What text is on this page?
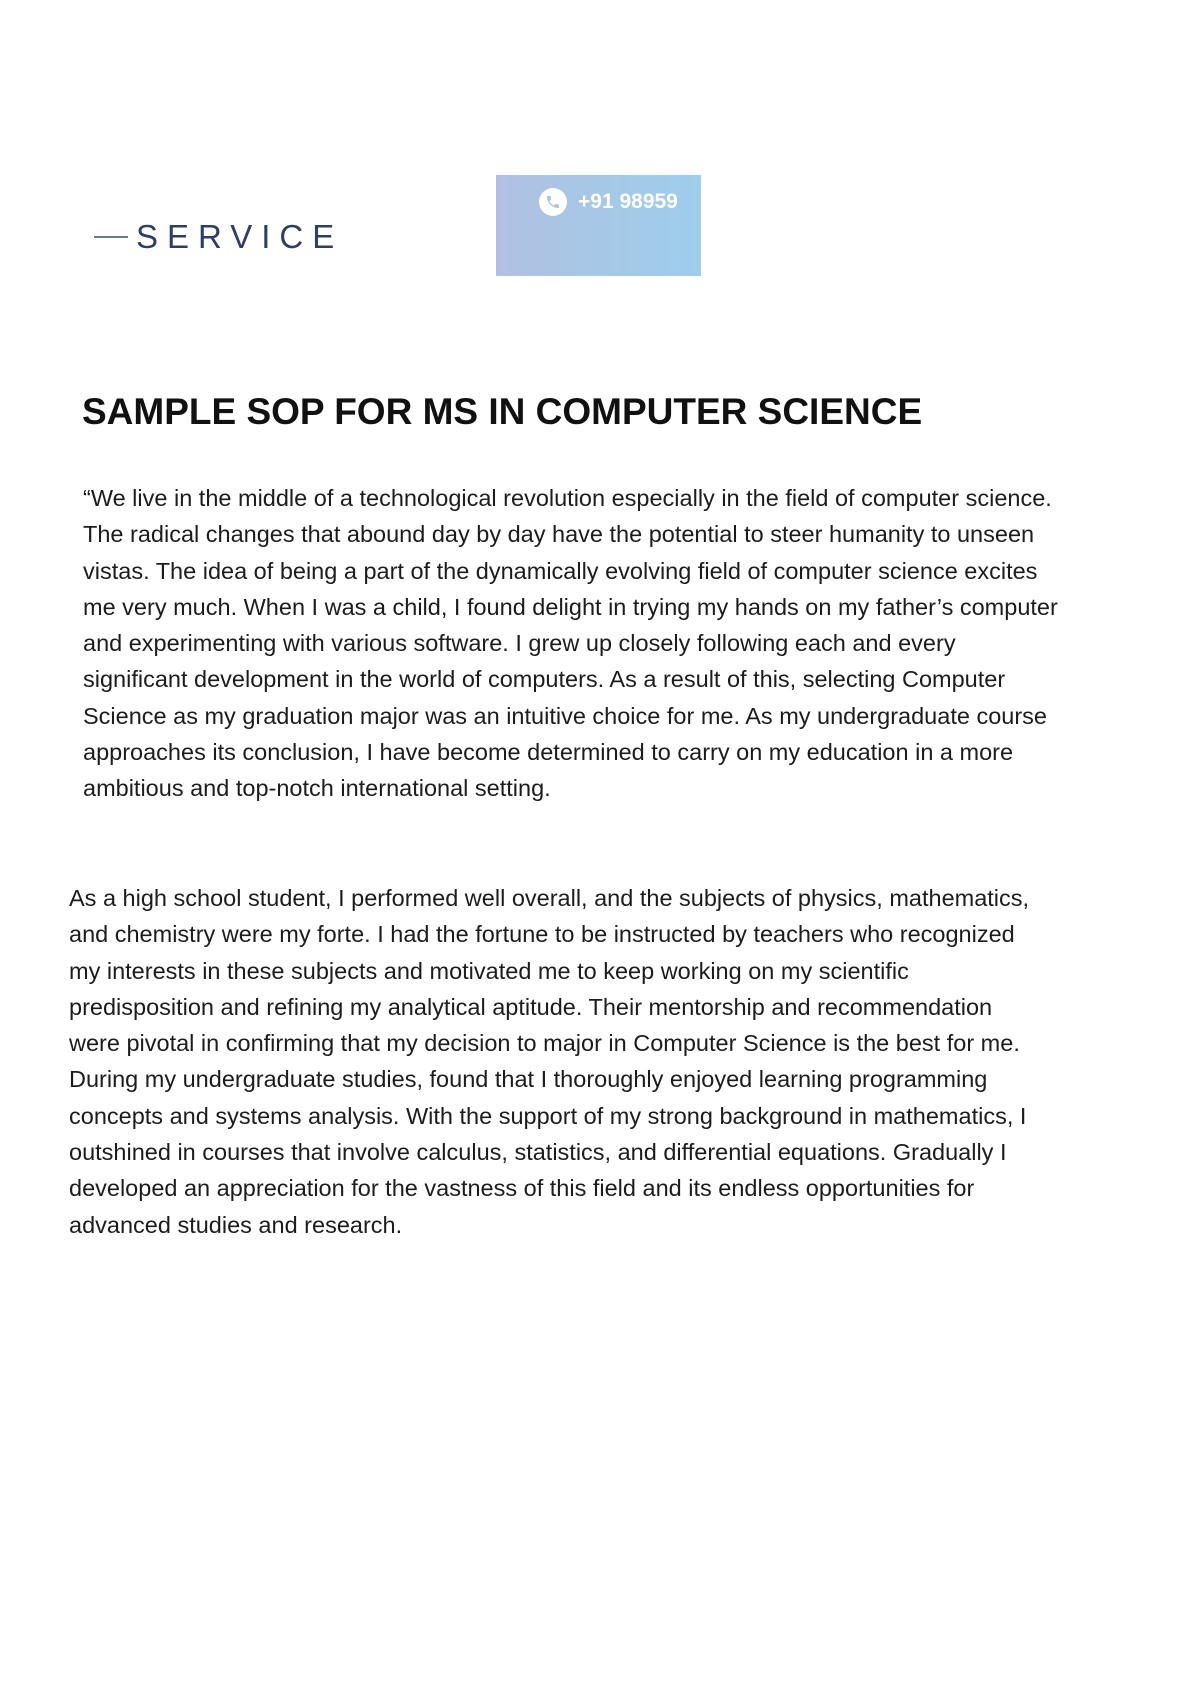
SERVICE
+91 98959
SAMPLE SOP FOR MS IN COMPUTER SCIENCE

“We live in the middle of a technological revolution especially in the field of computer science. The radical changes that abound day by day have the potential to steer humanity to unseen vistas. The idea of being a part of the dynamically evolving field of computer science excites me very much. When I was a child, I found delight in trying my hands on my father’s computer and experimenting with various software. I grew up closely following each and every significant development in the world of computers. As a result of this, selecting Computer Science as my graduation major was an intuitive choice for me. As my undergraduate course approaches its conclusion, I have become determined to carry on my education in a more ambitious and top-notch international setting.

As a high school student, I performed well overall, and the subjects of physics, mathematics, and chemistry were my forte. I had the fortune to be instructed by teachers who recognized my interests in these subjects and motivated me to keep working on my scientific predisposition and refining my analytical aptitude. Their mentorship and recommendation were pivotal in confirming that my decision to major in Computer Science is the best for me. During my undergraduate studies, found that I thoroughly enjoyed learning programming concepts and systems analysis. With the support of my strong background in mathematics, I outshined in courses that involve calculus, statistics, and differential equations. Gradually I developed an appreciation for the vastness of this field and its endless opportunities for advanced studies and research.
